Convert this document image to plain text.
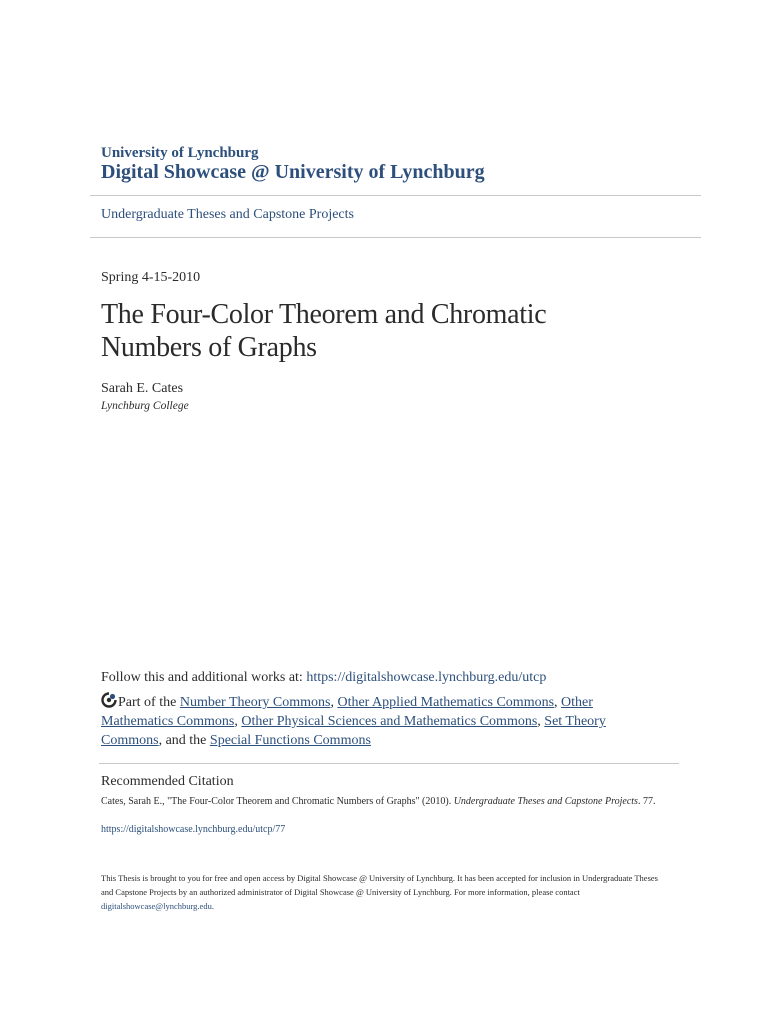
University of Lynchburg
Digital Showcase @ University of Lynchburg
Undergraduate Theses and Capstone Projects
Spring 4-15-2010
The Four-Color Theorem and Chromatic Numbers of Graphs
Sarah E. Cates
Lynchburg College
Follow this and additional works at: https://digitalshowcase.lynchburg.edu/utcp
Part of the Number Theory Commons, Other Applied Mathematics Commons, Other Mathematics Commons, Other Physical Sciences and Mathematics Commons, Set Theory Commons, and the Special Functions Commons
Recommended Citation
Cates, Sarah E., "The Four-Color Theorem and Chromatic Numbers of Graphs" (2010). Undergraduate Theses and Capstone Projects. 77.
https://digitalshowcase.lynchburg.edu/utcp/77
This Thesis is brought to you for free and open access by Digital Showcase @ University of Lynchburg. It has been accepted for inclusion in Undergraduate Theses and Capstone Projects by an authorized administrator of Digital Showcase @ University of Lynchburg. For more information, please contact digitalshowcase@lynchburg.edu.
